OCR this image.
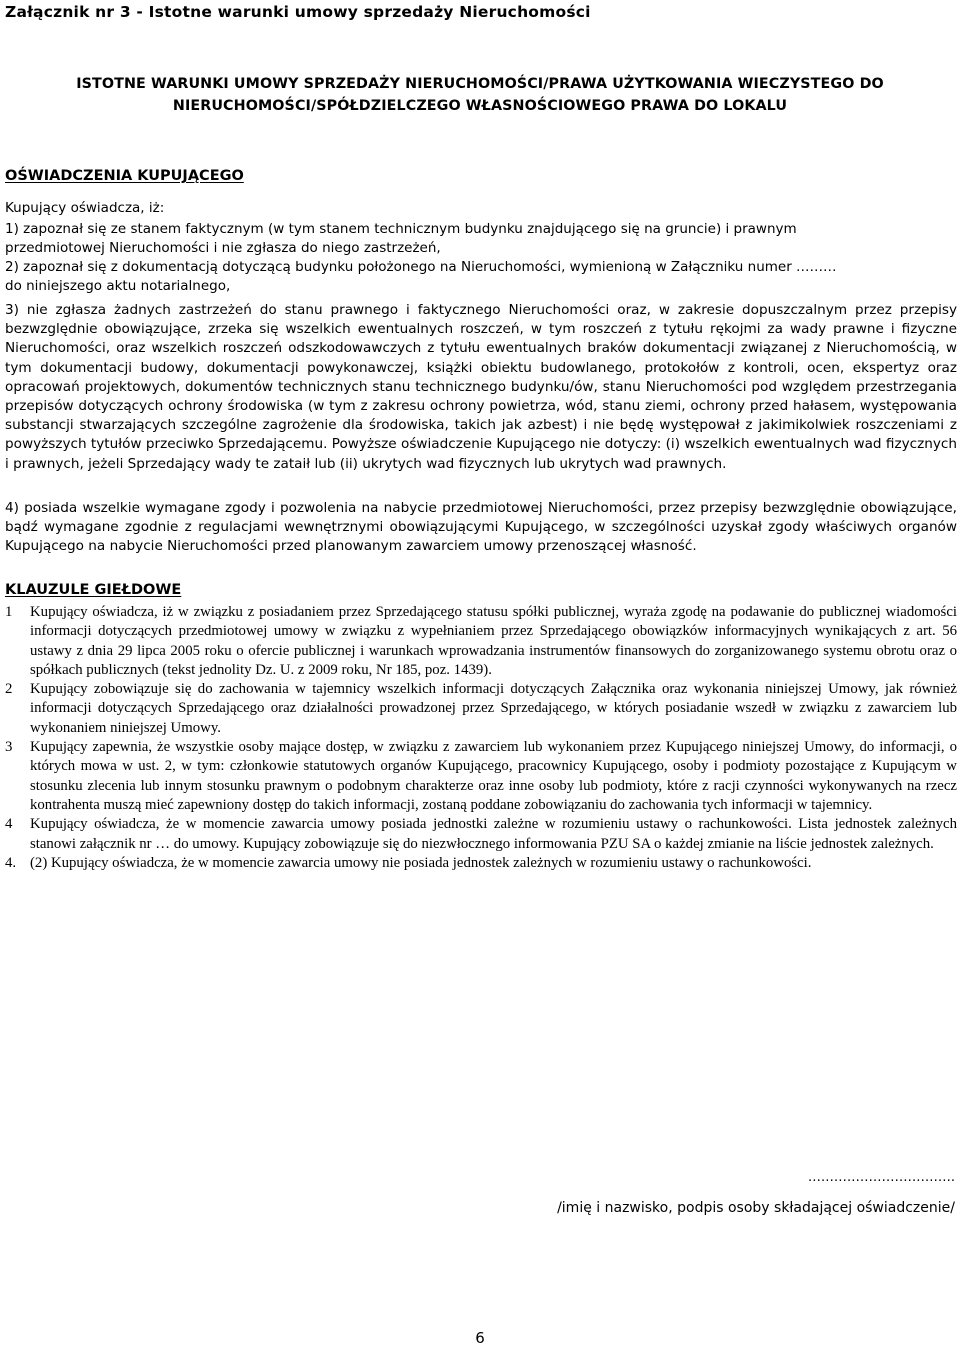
Załącznik nr 3 - Istotne warunki umowy sprzedaży Nieruchomości
ISTOTNE WARUNKI UMOWY SPRZEDAŻY NIERUCHOMOŚCI/PRAWA UŻYTKOWANIA WIECZYSTEGO DO
NIERUCHOMOŚCI/SPÓŁDZIELCZEGO WŁASNOŚCIOWEGO PRAWA DO LOKALU
OŚWIADCZENIA KUPUJĄCEGO
Kupujący oświadcza, iż:
1) zapoznał się ze stanem faktycznym (w tym stanem technicznym budynku znajdującego się na gruncie) i prawnym
przedmiotowej Nieruchomości i nie zgłasza do niego zastrzeżeń,
2) zapoznał się z dokumentacją dotyczącą budynku położonego na Nieruchomości, wymienioną w Załączniku numer ………
do niniejszego aktu notarialnego,
3) nie zgłasza żadnych zastrzeżeń do stanu prawnego i faktycznego Nieruchomości oraz, w zakresie dopuszczalnym przez przepisy bezwzględnie obowiązujące, zrzeka się wszelkich ewentualnych roszczeń, w tym roszczeń z tytułu rękojmi za wady prawne i fizyczne Nieruchomości, oraz wszelkich roszczeń odszkodowawczych z tytułu ewentualnych braków dokumentacji związanej z Nieruchomością, w tym dokumentacji budowy, dokumentacji powykonawczej, książki obiektu budowlanego, protokołów z kontroli, ocen, ekspertyz oraz opracowań projektowych, dokumentów technicznych stanu technicznego budynku/ów, stanu Nieruchomości pod względem przestrzegania przepisów dotyczących ochrony środowiska (w tym z zakresu ochrony powietrza, wód, stanu ziemi, ochrony przed hałasem, występowania substancji stwarzających szczególne zagrożenie dla środowiska, takich jak azbest) i nie będę występował z jakimikolwiek roszczeniami z powyższych tytułów przeciwko Sprzedającemu. Powyższe oświadczenie Kupującego nie dotyczy: (i) wszelkich ewentualnych wad fizycznych i prawnych, jeżeli Sprzedający wady te zataił lub (ii) ukrytych wad fizycznych lub ukrytych wad prawnych.
4) posiada wszelkie wymagane zgody i pozwolenia na nabycie przedmiotowej Nieruchomości, przez przepisy bezwzględnie obowiązujące, bądź wymagane zgodnie z regulacjami wewnętrznymi obowiązującymi Kupującego, w szczególności uzyskał zgody właściwych organów Kupującego na nabycie Nieruchomości przed planowanym zawarciem umowy przenoszącej własność.
KLAUZULE GIEŁDOWE
1	Kupujący oświadcza, iż w związku z posiadaniem przez Sprzedającego statusu spółki publicznej, wyraża zgodę na podawanie do publicznej wiadomości informacji dotyczących przedmiotowej umowy w związku z wypełnianiem przez Sprzedającego obowiązków informacyjnych wynikających z art. 56 ustawy z dnia 29 lipca 2005 roku o ofercie publicznej i warunkach wprowadzania instrumentów finansowych do zorganizowanego systemu obrotu oraz o spółkach publicznych (tekst jednolity Dz. U. z 2009 roku, Nr 185, poz. 1439).
2	Kupujący zobowiązuje się do zachowania w tajemnicy wszelkich informacji dotyczących Załącznika oraz wykonania niniejszej Umowy, jak również informacji dotyczących Sprzedającego oraz działalności prowadzonej przez Sprzedającego, w których posiadanie wszedł w związku z zawarciem lub wykonaniem niniejszej Umowy.
3	Kupujący zapewnia, że wszystkie osoby mające dostęp, w związku z zawarciem lub wykonaniem przez Kupującego niniejszej Umowy, do informacji, o których mowa w ust. 2, w tym: członkowie statutowych organów Kupującego, pracownicy Kupującego, osoby i podmioty pozostające z Kupującym w stosunku zlecenia lub innym stosunku prawnym o podobnym charakterze oraz inne osoby lub podmioty, które z racji czynności wykonywanych na rzecz kontrahenta muszą mieć zapewniony dostęp do takich informacji, zostaną poddane zobowiązaniu do zachowania tych informacji w tajemnicy.
4	Kupujący oświadcza, że w momencie zawarcia umowy posiada jednostki zależne w rozumieniu ustawy o rachunkowości. Lista jednostek zależnych stanowi załącznik nr … do umowy. Kupujący zobowiązuje się do niezwłocznego informowania PZU SA o każdej zmianie na liście jednostek zależnych.
4. (2) Kupujący oświadcza, że w momencie zawarcia umowy nie posiada jednostek zależnych w rozumieniu ustawy o rachunkowości.
…………………………….
/imię i nazwisko, podpis osoby składającej oświadczenie/
6
